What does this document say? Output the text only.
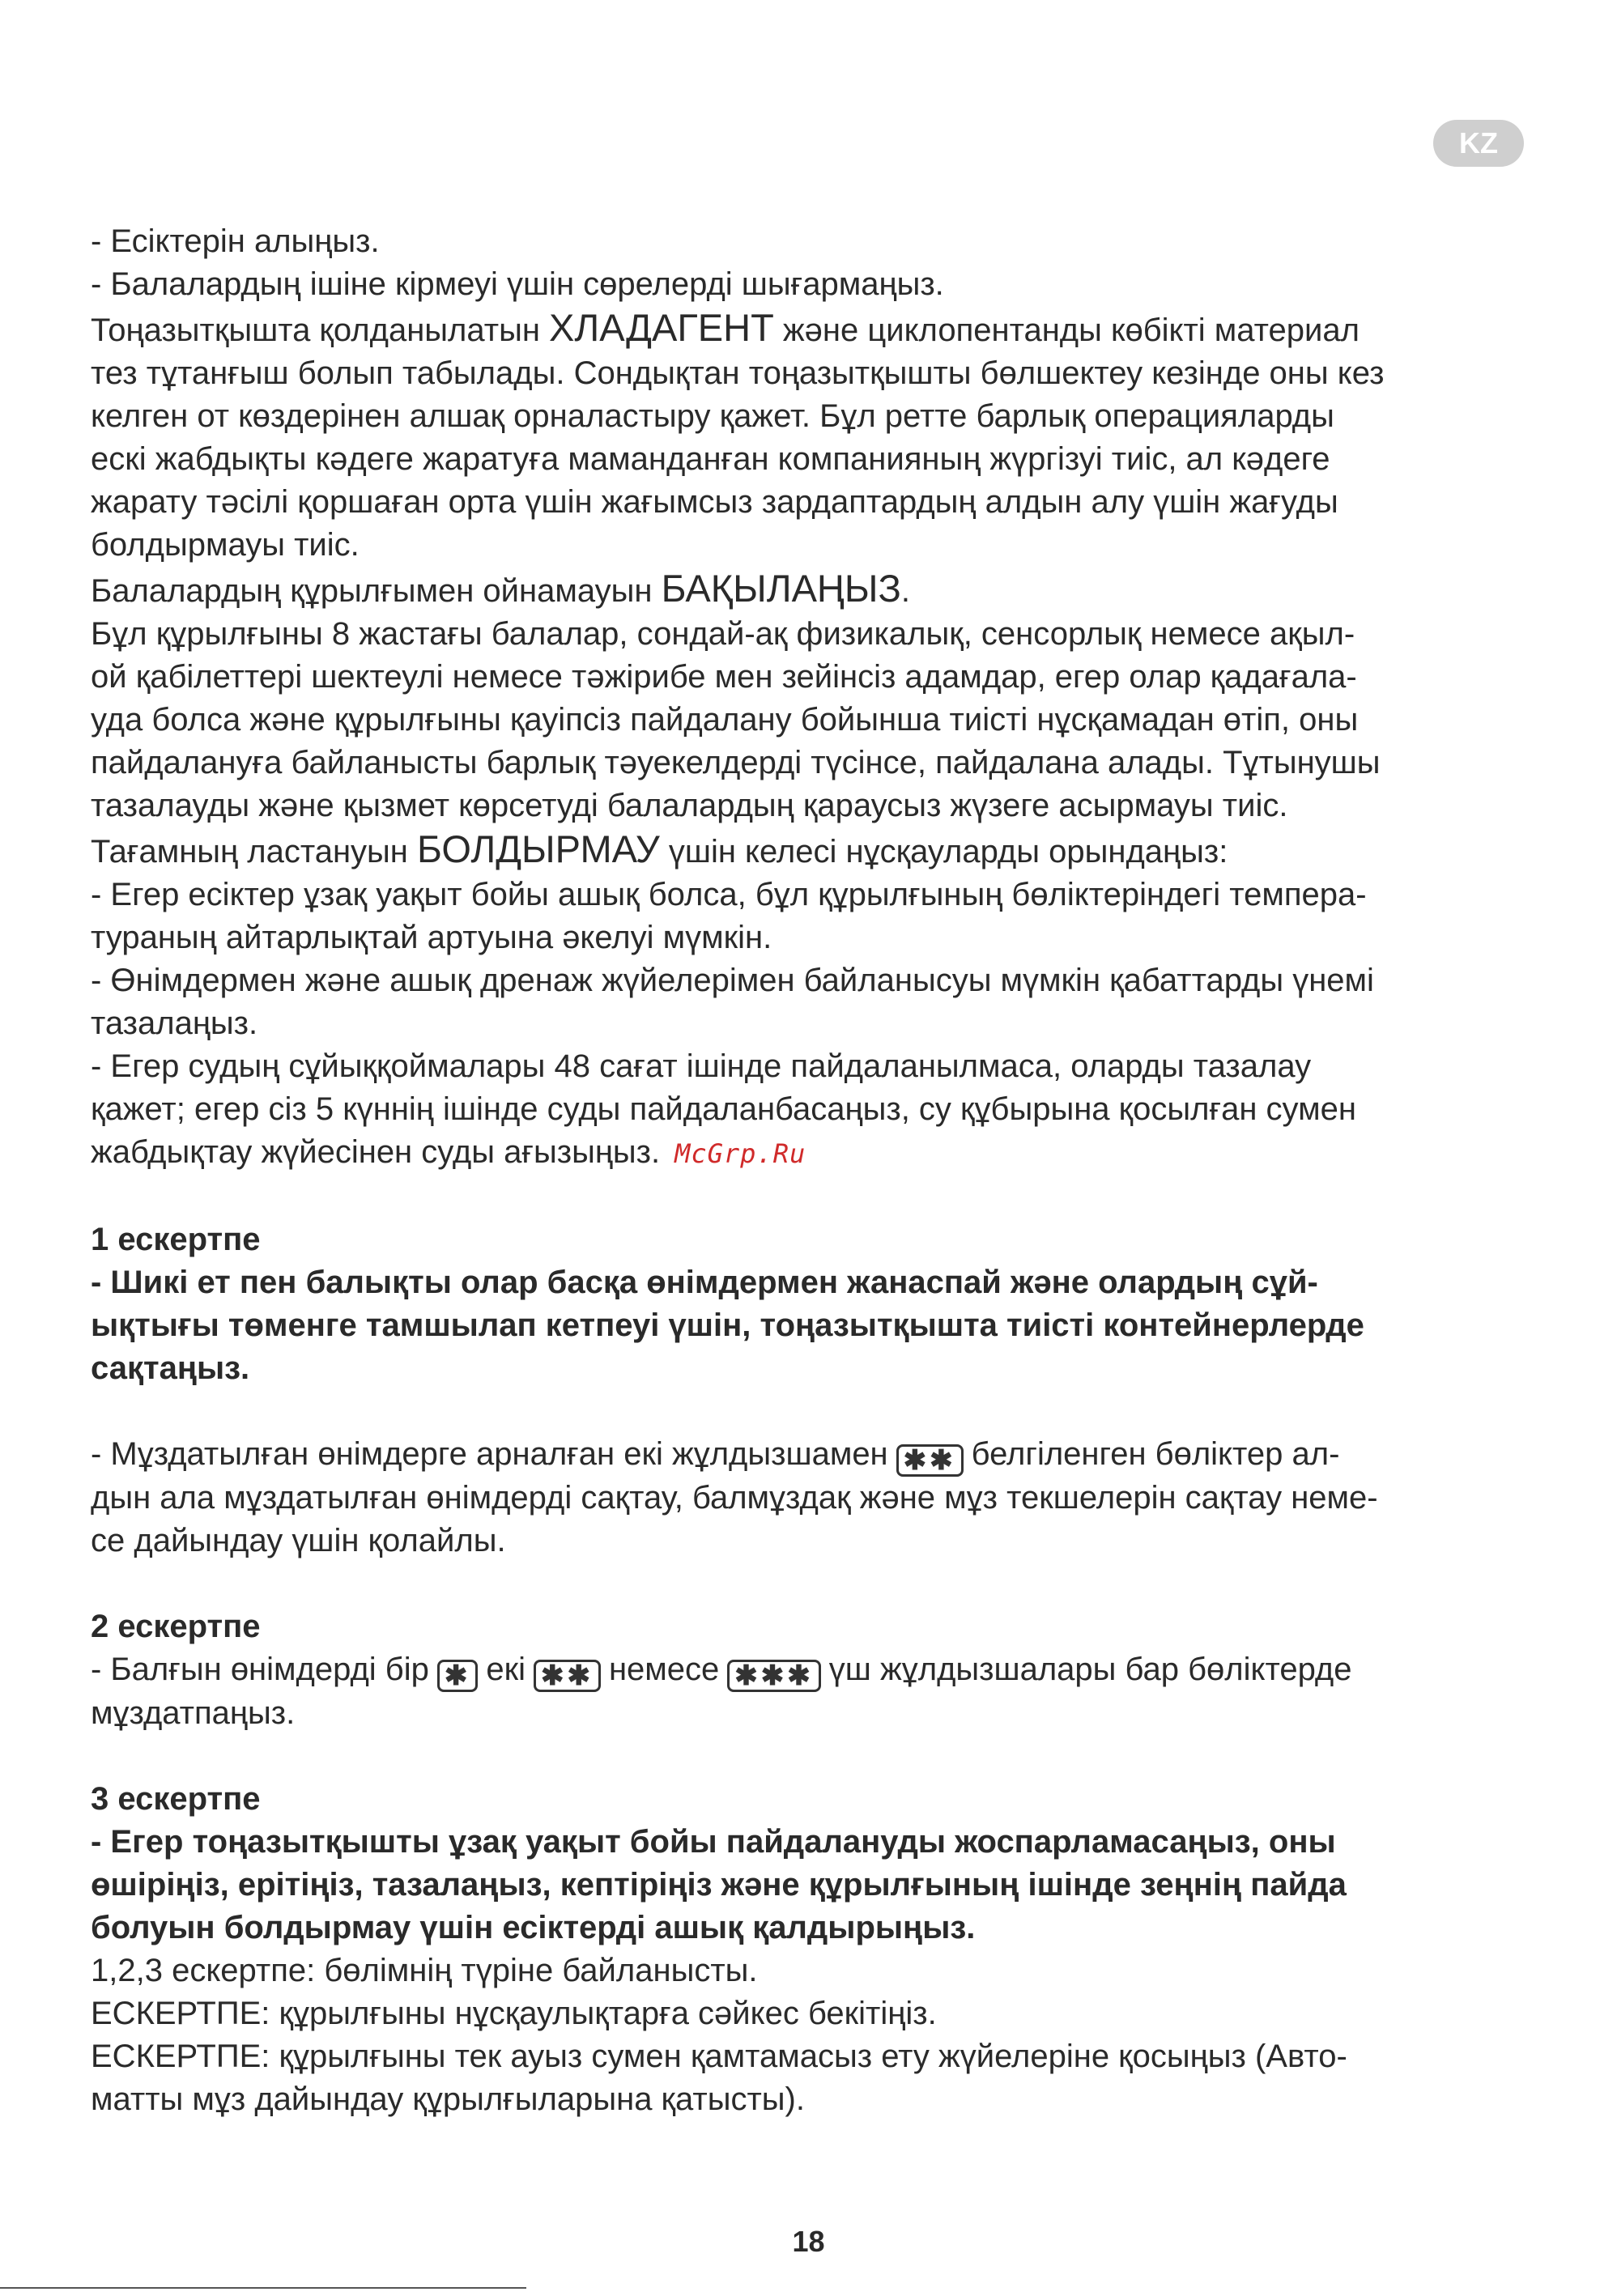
KZ
- Есіктерін алыңыз.
- Балалардың ішіне кірмеуі үшін сөрелерді шығармаңыз.
Тоңазытқышта қолданылатын ХЛАДАГЕНТ және циклопентанды көбікті материал
тез тұтанғыш болып табылады. Сондықтан тоңазытқышты бөлшектеу кезінде оны кез
келген от көздерінен алшақ орналастыру қажет. Бұл ретте барлық операцияларды
ескі жабдықты кәдеге жаратуға маманданған компанияның жүргізуі тиіс, ал кәдеге
жарату тәсілі қоршаған орта үшін жағымсыз зардаптардың алдын алу үшін жағуды
болдырмауы тиіс.
Балалардың құрылғымен ойнамауын БАҚЫЛАҢЫЗ.
Бұл құрылғыны 8 жастағы балалар, сондай-ақ физикалық, сенсорлық немесе ақыл-
ой қабілеттері шектеулі немесе тәжірибе мен зейінсіз адамдар, егер олар қадағала-
уда болса және құрылғыны қауіпсіз пайдалану бойынша тиісті нұсқамадан өтіп, оны
пайдалануға байланысты барлық тәуекелдерді түсінсе, пайдалана алады. Тұтынушы
тазалауды және қызмет көрсетуді балалардың қараусыз жүзеге асырмауы тиіс.
Тағамның ластануын БОЛДЫРМАУ үшін келесі нұсқауларды орындаңыз:
- Егер есіктер ұзақ уақыт бойы ашық болса, бұл құрылғының бөліктеріндегі темпера-
тураның айтарлықтай артуына әкелуі мүмкін.
- Өнімдермен және ашық дренаж жүйелерімен байланысуы мүмкін қабаттарды үнемі
тазалаңыз.
- Егер судың сұйыққоймалары 48 сағат ішінде пайдаланылмаса, оларды тазалау
қажет; егер сіз 5 күннің ішінде суды пайдаланбасаңыз, су құбырына қосылған сумен
жабдықтау жүйесінен суды ағызыңыз. McGrp.Ru
1 ескертпе
- Шикі ет пен балықты олар басқа өнімдермен жанаспай және олардың сұй-
ықтығы төменге тамшылап кетпеуі үшін, тоңазытқышта тиісті контейнерлерде
сақтаңыз.
- Мұздатылған өнімдерге арналған екі жұлдызшамен ✱✱ белгіленген бөліктер ал-
дын ала мұздатылған өнімдерді сақтау, балмұздақ және мұз текшелерін сақтау неме-
се дайындау үшін қолайлы.
2 ескертпе
- Балғын өнімдерді бір ✱ екі ✱✱ немесе ✱✱✱ үш жұлдызшалары бар бөліктерде
мұздатпаңыз.
3 ескертпе
- Егер тоңазытқышты ұзақ уақыт бойы пайдалануды жоспарламасаңыз, оны
өшіріңіз, ерітіңіз, тазалаңыз, кептіріңіз және құрылғының ішінде зеңнің пайда
болуын болдырмау үшін есіктерді ашық қалдырыңыз.
1,2,3 ескертпе: бөлімнің түріне байланысты.
ЕСКЕРТПЕ: құрылғыны нұсқаулықтарға сәйкес бекітіңіз.
ЕСКЕРТПЕ: құрылғыны тек ауыз сумен қамтамасыз ету жүйелеріне қосыңыз (Авто-
матты мұз дайындау құрылғыларына қатысты).
18
